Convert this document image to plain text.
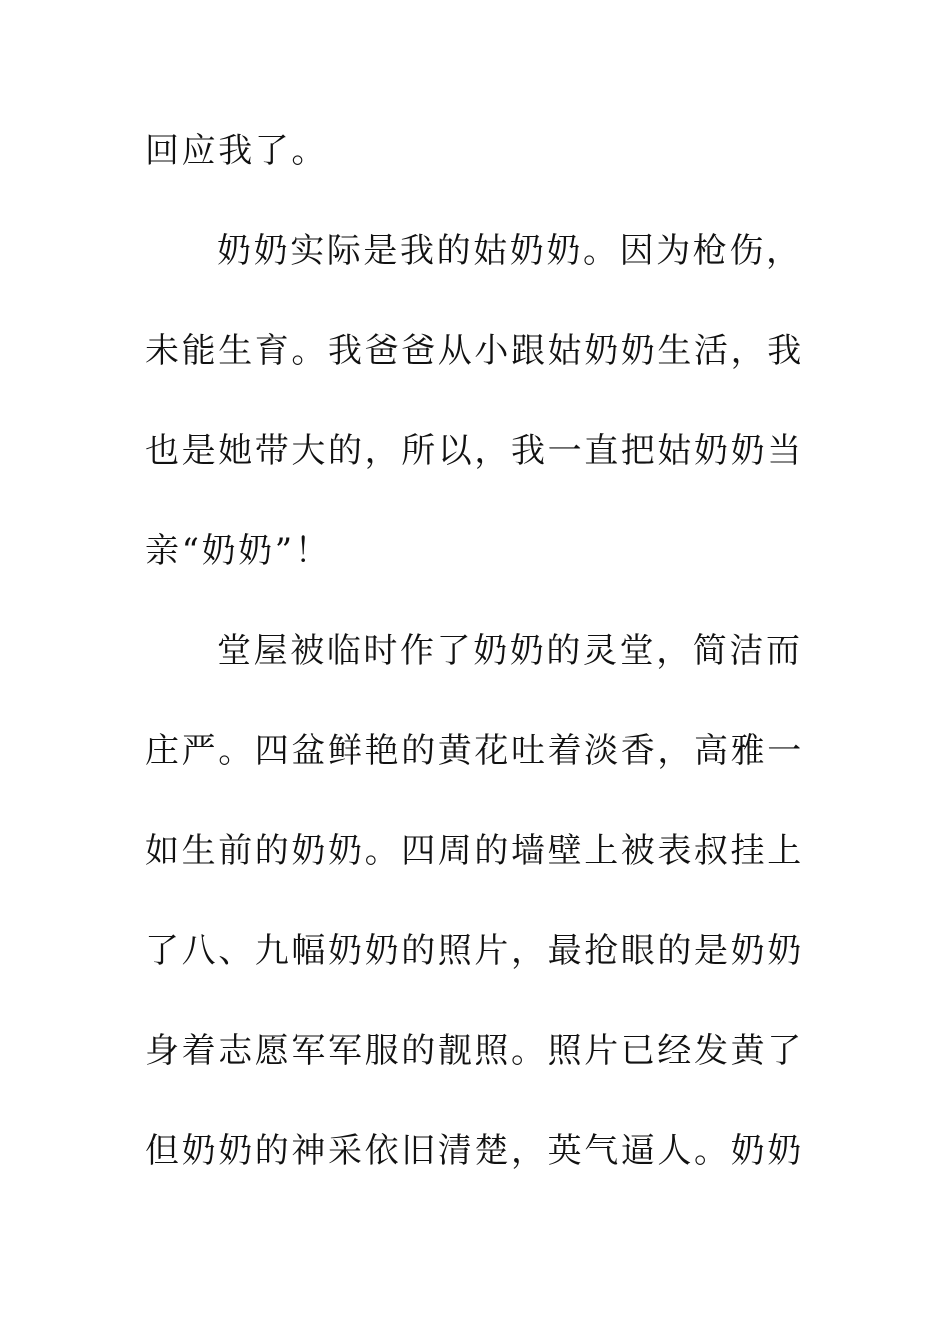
回应我了。
奶奶实际是我的姑奶奶。因为枪伤，
未能生育。我爸爸从小跟姑奶奶生活，我
也是她带大的，所以，我一直把姑奶奶当
亲“奶奶”！
堂屋被临时作了奶奶的灵堂，简洁而
庄严。四盆鲜艳的黄花吐着淡香，高雅一
如生前的奶奶。四周的墙壁上被表叔挂上
了八、九幅奶奶的照片，最抢眼的是奶奶
身着志愿军军服的靓照。照片已经发黄了
但奶奶的神采依旧清楚，英气逼人。奶奶
